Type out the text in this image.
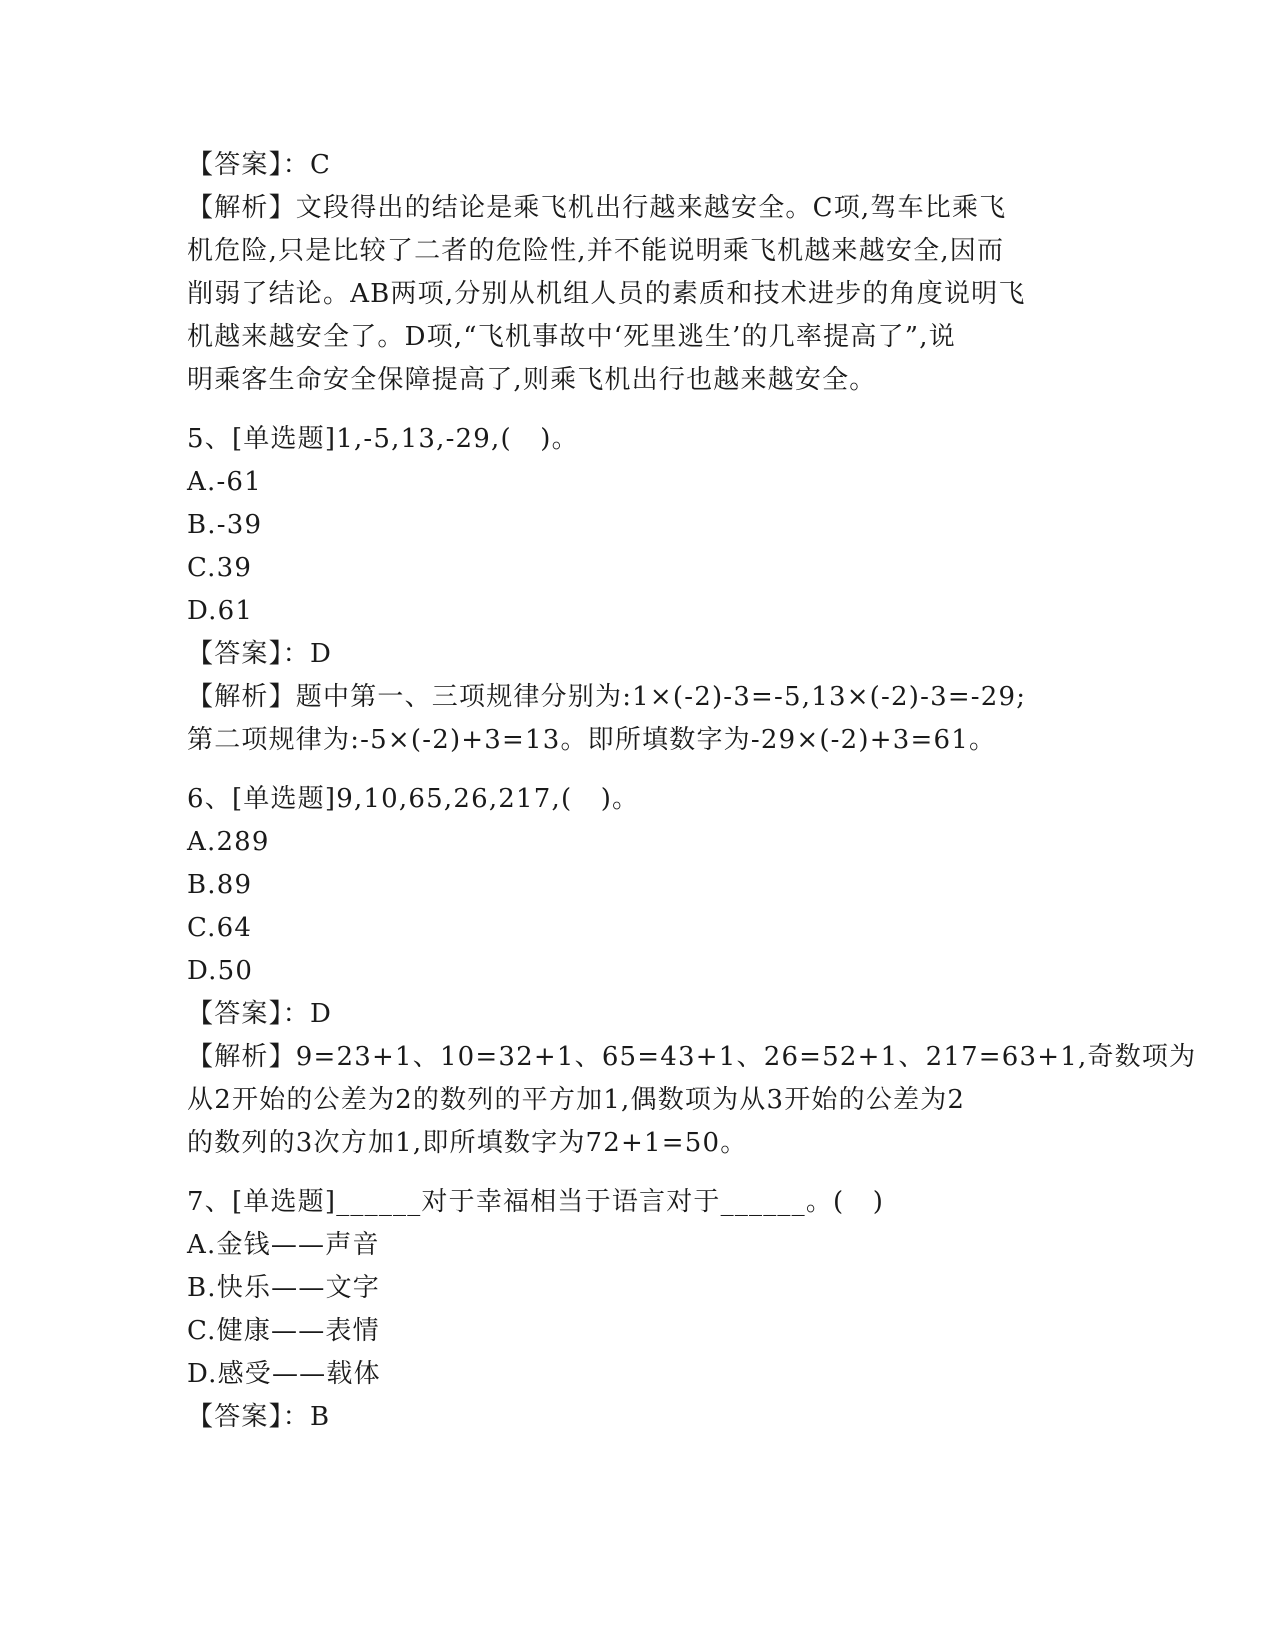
【答案】：C
【解析】文段得出的结论是乘飞机出行越来越安全。C项,驾车比乘飞
机危险,只是比较了二者的危险性,并不能说明乘飞机越来越安全,因而
削弱了结论。AB两项,分别从机组人员的素质和技术进步的角度说明飞
机越来越安全了。D项,“飞机事故中‘死里逃生’的几率提高了”,说
明乘客生命安全保障提高了,则乘飞机出行也越来越安全。
5、[单选题]1,-5,13,-29,(   )。
A.-61
B.-39
C.39
D.61
【答案】：D
【解析】题中第一、三项规律分别为:1×(-2)-3=-5,13×(-2)-3=-29;
第二项规律为:-5×(-2)+3=13。即所填数字为-29×(-2)+3=61。
6、[单选题]9,10,65,26,217,(   )。
A.289
B.89
C.64
D.50
【答案】：D
【解析】9=23+1、10=32+1、65=43+1、26=52+1、217=63+1,奇数项为
从2开始的公差为2的数列的平方加1,偶数项为从3开始的公差为2
的数列的3次方加1,即所填数字为72+1=50。
7、[单选题]______对于幸福相当于语言对于______。(   )
A.金钱——声音
B.快乐——文字
C.健康——表情
D.感受——载体
【答案】：B
